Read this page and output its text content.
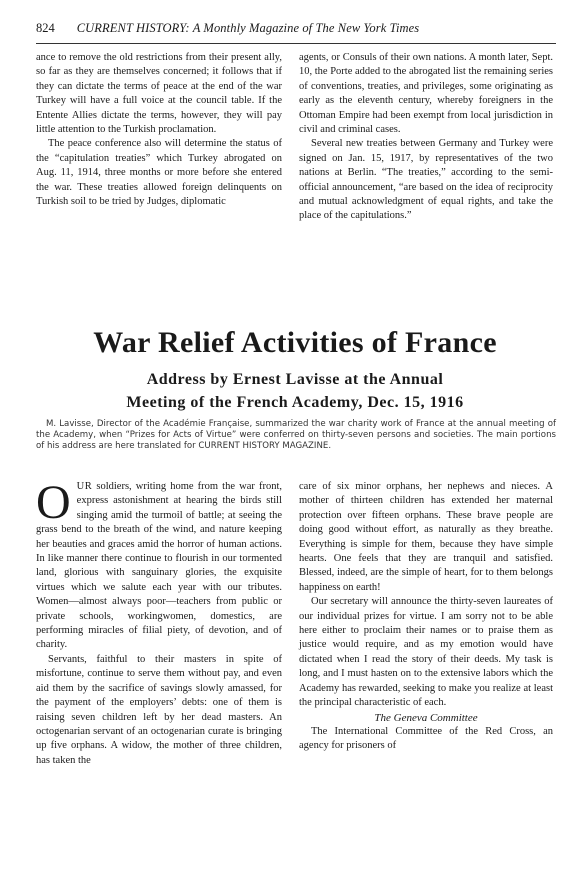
824 CURRENT HISTORY: A Monthly Magazine of The New York Times

ance to remove the old restrictions from their present ally, so far as they are themselves concerned; it follows that if they can dictate the terms of peace at the end of the war Turkey will have a full voice at the council table. If the Entente Allies dictate the terms, however, they will pay little attention to the Turkish proclamation.

The peace conference also will determine the status of the “capitulation treaties” which Turkey abrogated on Aug. 11, 1914, three months or more before she entered the war. These treaties allowed foreign delinquents on Turkish soil to be tried by Judges, diplomatic

agents, or Consuls of their own nations. A month later, Sept. 10, the Porte added to the abrogated list the remaining series of conventions, treaties, and privileges, some originating as early as the eleventh century, whereby foreigners in the Ottoman Empire had been exempt from local jurisdiction in civil and criminal cases.

Several new treaties between Germany and Turkey were signed on Jan. 15, 1917, by representatives of the two nations at Berlin. “The treaties,” according to the semi-official announcement, “are based on the idea of reciprocity and mutual acknowledgment of equal rights, and take the place of the capitulations.”

War Relief Activities of France
Address by Ernest Lavisse at the Annual
Meeting of the French Academy, Dec. 15, 1916

M. Lavisse, Director of the Académie Française, summarized the war charity work of France at the annual meeting of the Academy, when “Prizes for Acts of Virtue” were conferred on thirty-seven persons and societies. The main portions of his address are here translated for CURRENT HISTORY MAGAZINE.

OUR soldiers, writing home from the war front, express astonishment at hearing the birds still singing amid the turmoil of battle; at seeing the grass bend to the breath of the wind, and nature keeping her beauties and graces amid the horror of human actions. In like manner there continue to flourish in our tormented land, glorious with sanguinary glories, the exquisite virtues which we salute each year with our tributes. Women—almost always poor—teachers from public or private schools, workingwomen, domestics, are performing miracles of filial piety, of devotion, and of charity.

Servants, faithful to their masters in spite of misfortune, continue to serve them without pay, and even aid them by the sacrifice of savings slowly amassed, for the payment of the employers’ debts: one of them is raising seven children left by her dead masters. An octogenarian servant of an octogenarian curate is bringing up five orphans. A widow, the mother of three children, has taken the

care of six minor orphans, her nephews and nieces. A mother of thirteen children has extended her maternal protection over fifteen orphans. These brave people are doing good without effort, as naturally as they breathe. Everything is simple for them, because they have simple hearts. One feels that they are tranquil and satisfied. Blessed, indeed, are the simple of heart, for to them belongs happiness on earth!

Our secretary will announce the thirty-seven laureates of our individual prizes for virtue. I am sorry not to be able here either to proclaim their names or to praise them as justice would require, and as my emotion would have dictated when I read the story of their deeds. My task is long, and I must hasten on to the extensive labors which the Academy has rewarded, seeking to make you realize at least the principal characteristic of each.

The Geneva Committee

The International Committee of the Red Cross, an agency for prisoners of
